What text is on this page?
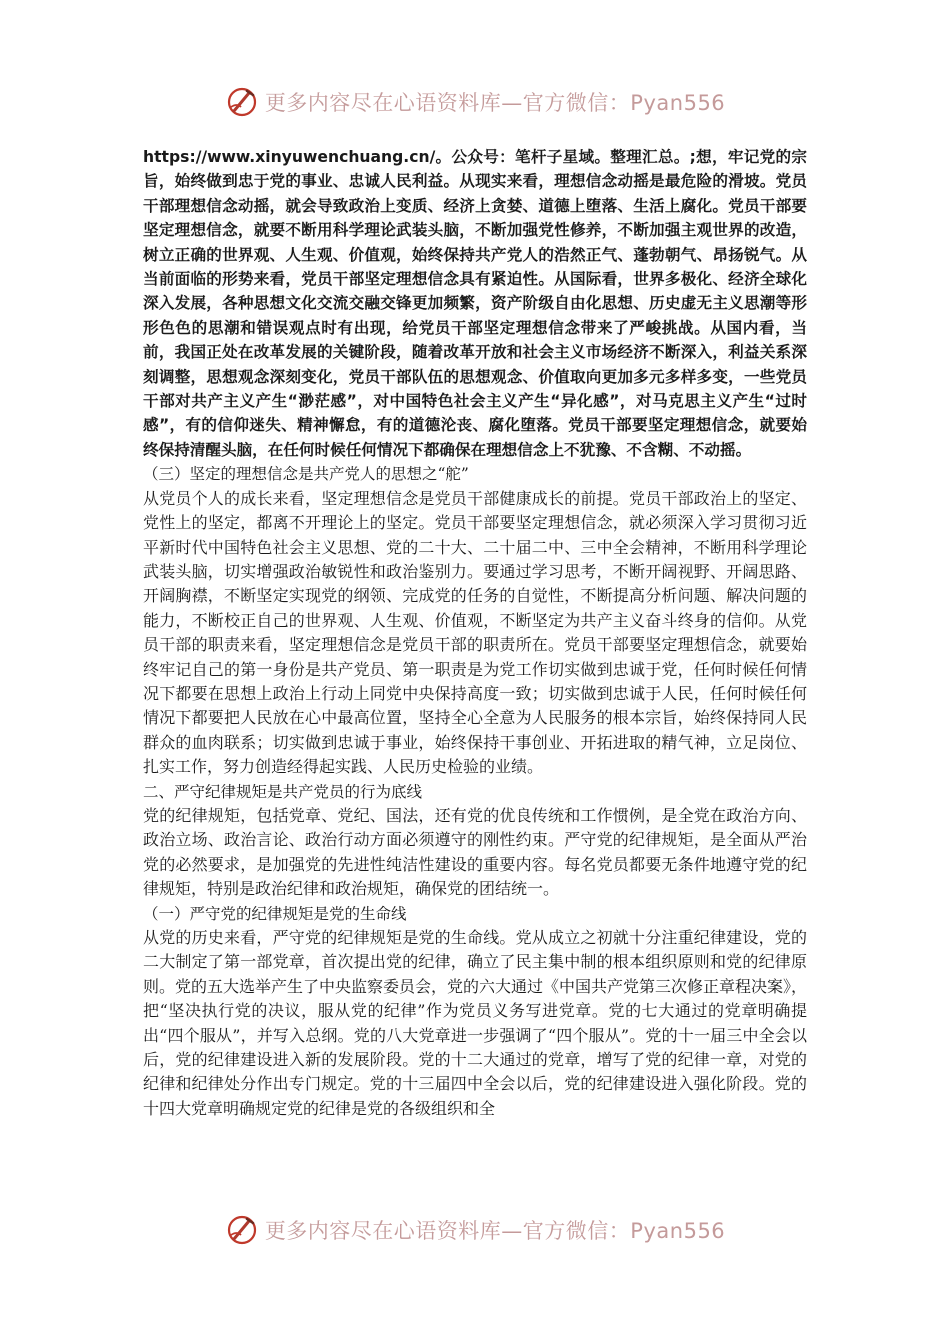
更多内容尽在心语资料库—官方微信：Pyan556

https://www.xinyuwenchuang.cn/。公众号：笔杆子星域。整理汇总。;想，牢记党的宗旨，始终做到忠于党的事业、忠诚人民利益。从现实来看，理想信念动摇是最危险的滑坡。党员干部理想信念动摇，就会导致政治上变质、经济上贪婪、道德上堕落、生活上腐化。党员干部要坚定理想信念，就要不断用科学理论武装头脑，不断加强党性修养，不断加强主观世界的改造，树立正确的世界观、人生观、价值观，始终保持共产党人的浩然正气、蓬勃朝气、昂扬锐气。从当前面临的形势来看，党员干部坚定理想信念具有紧迫性。从国际看，世界多极化、经济全球化深入发展，各种思想文化交流交融交锋更加频繁，资产阶级自由化思想、历史虚无主义思潮等形形色色的思潮和错误观点时有出现，给党员干部坚定理想信念带来了严峻挑战。从国内看，当前，我国正处在改革发展的关键阶段，随着改革开放和社会主义市场经济不断深入，利益关系深刻调整，思想观念深刻变化，党员干部队伍的思想观念、价值取向更加多元多样多变，一些党员干部对共产主义产生“渺茫感”，对中国特色社会主义产生“异化感”，对马克思主义产生“过时感”，有的信仰迷失、精神懈怠，有的道德沦丧、腐化堕落。党员干部要坚定理想信念，就要始终保持清醒头脑，在任何时候任何情况下都确保在理想信念上不犹豫、不含糊、不动摇。

（三）坚定的理想信念是共产党人的思想之“舵”

从党员个人的成长来看，坚定理想信念是党员干部健康成长的前提。党员干部政治上的坚定、党性上的坚定，都离不开理论上的坚定。党员干部要坚定理想信念，就必须深入学习贯彻习近平新时代中国特色社会主义思想、党的二十大、二十届二中、三中全会精神，不断用科学理论武装头脑，切实增强政治敏锐性和政治鉴别力。要通过学习思考，不断开阔视野、开阔思路、开阔胸襟，不断坚定实现党的纲领、完成党的任务的自觉性，不断提高分析问题、解决问题的能力，不断校正自己的世界观、人生观、价值观，不断坚定为共产主义奋斗终身的信仰。从党员干部的职责来看，坚定理想信念是党员干部的职责所在。党员干部要坚定理想信念，就要始终牢记自己的第一身份是共产党员、第一职责是为党工作切实做到忠诚于党，任何时候任何情况下都要在思想上政治上行动上同党中央保持高度一致；切实做到忠诚于人民，任何时候任何情况下都要把人民放在心中最高位置，坚持全心全意为人民服务的根本宗旨，始终保持同人民群众的血肉联系；切实做到忠诚于事业，始终保持干事创业、开拓进取的精气神，立足岗位、扎实工作，努力创造经得起实践、人民历史检验的业绩。

二、严守纪律规矩是共产党员的行为底线

党的纪律规矩，包括党章、党纪、国法，还有党的优良传统和工作惯例，是全党在政治方向、政治立场、政治言论、政治行动方面必须遵守的刚性约束。严守党的纪律规矩，是全面从严治党的必然要求，是加强党的先进性纯洁性建设的重要内容。每名党员都要无条件地遵守党的纪律规矩，特别是政治纪律和政治规矩，确保党的团结统一。

（一）严守党的纪律规矩是党的生命线

从党的历史来看，严守党的纪律规矩是党的生命线。党从成立之初就十分注重纪律建设，党的二大制定了第一部党章，首次提出党的纪律，确立了民主集中制的根本组织原则和党的纪律原则。党的五大选举产生了中央监察委员会，党的六大通过《中国共产党第三次修正章程决案》，把“坚决执行党的决议，服从党的纪律”作为党员义务写进党章。党的七大通过的党章明确提出“四个服从”，并写入总纲。党的八大党章进一步强调了“四个服从”。党的十一届三中全会以后，党的纪律建设进入新的发展阶段。党的十二大通过的党章，增写了党的纪律一章，对党的纪律和纪律处分作出专门规定。党的十三届四中全会以后，党的纪律建设进入强化阶段。党的十四大党章明确规定党的纪律是党的各级组织和全

更多内容尽在心语资料库—官方微信：Pyan556
